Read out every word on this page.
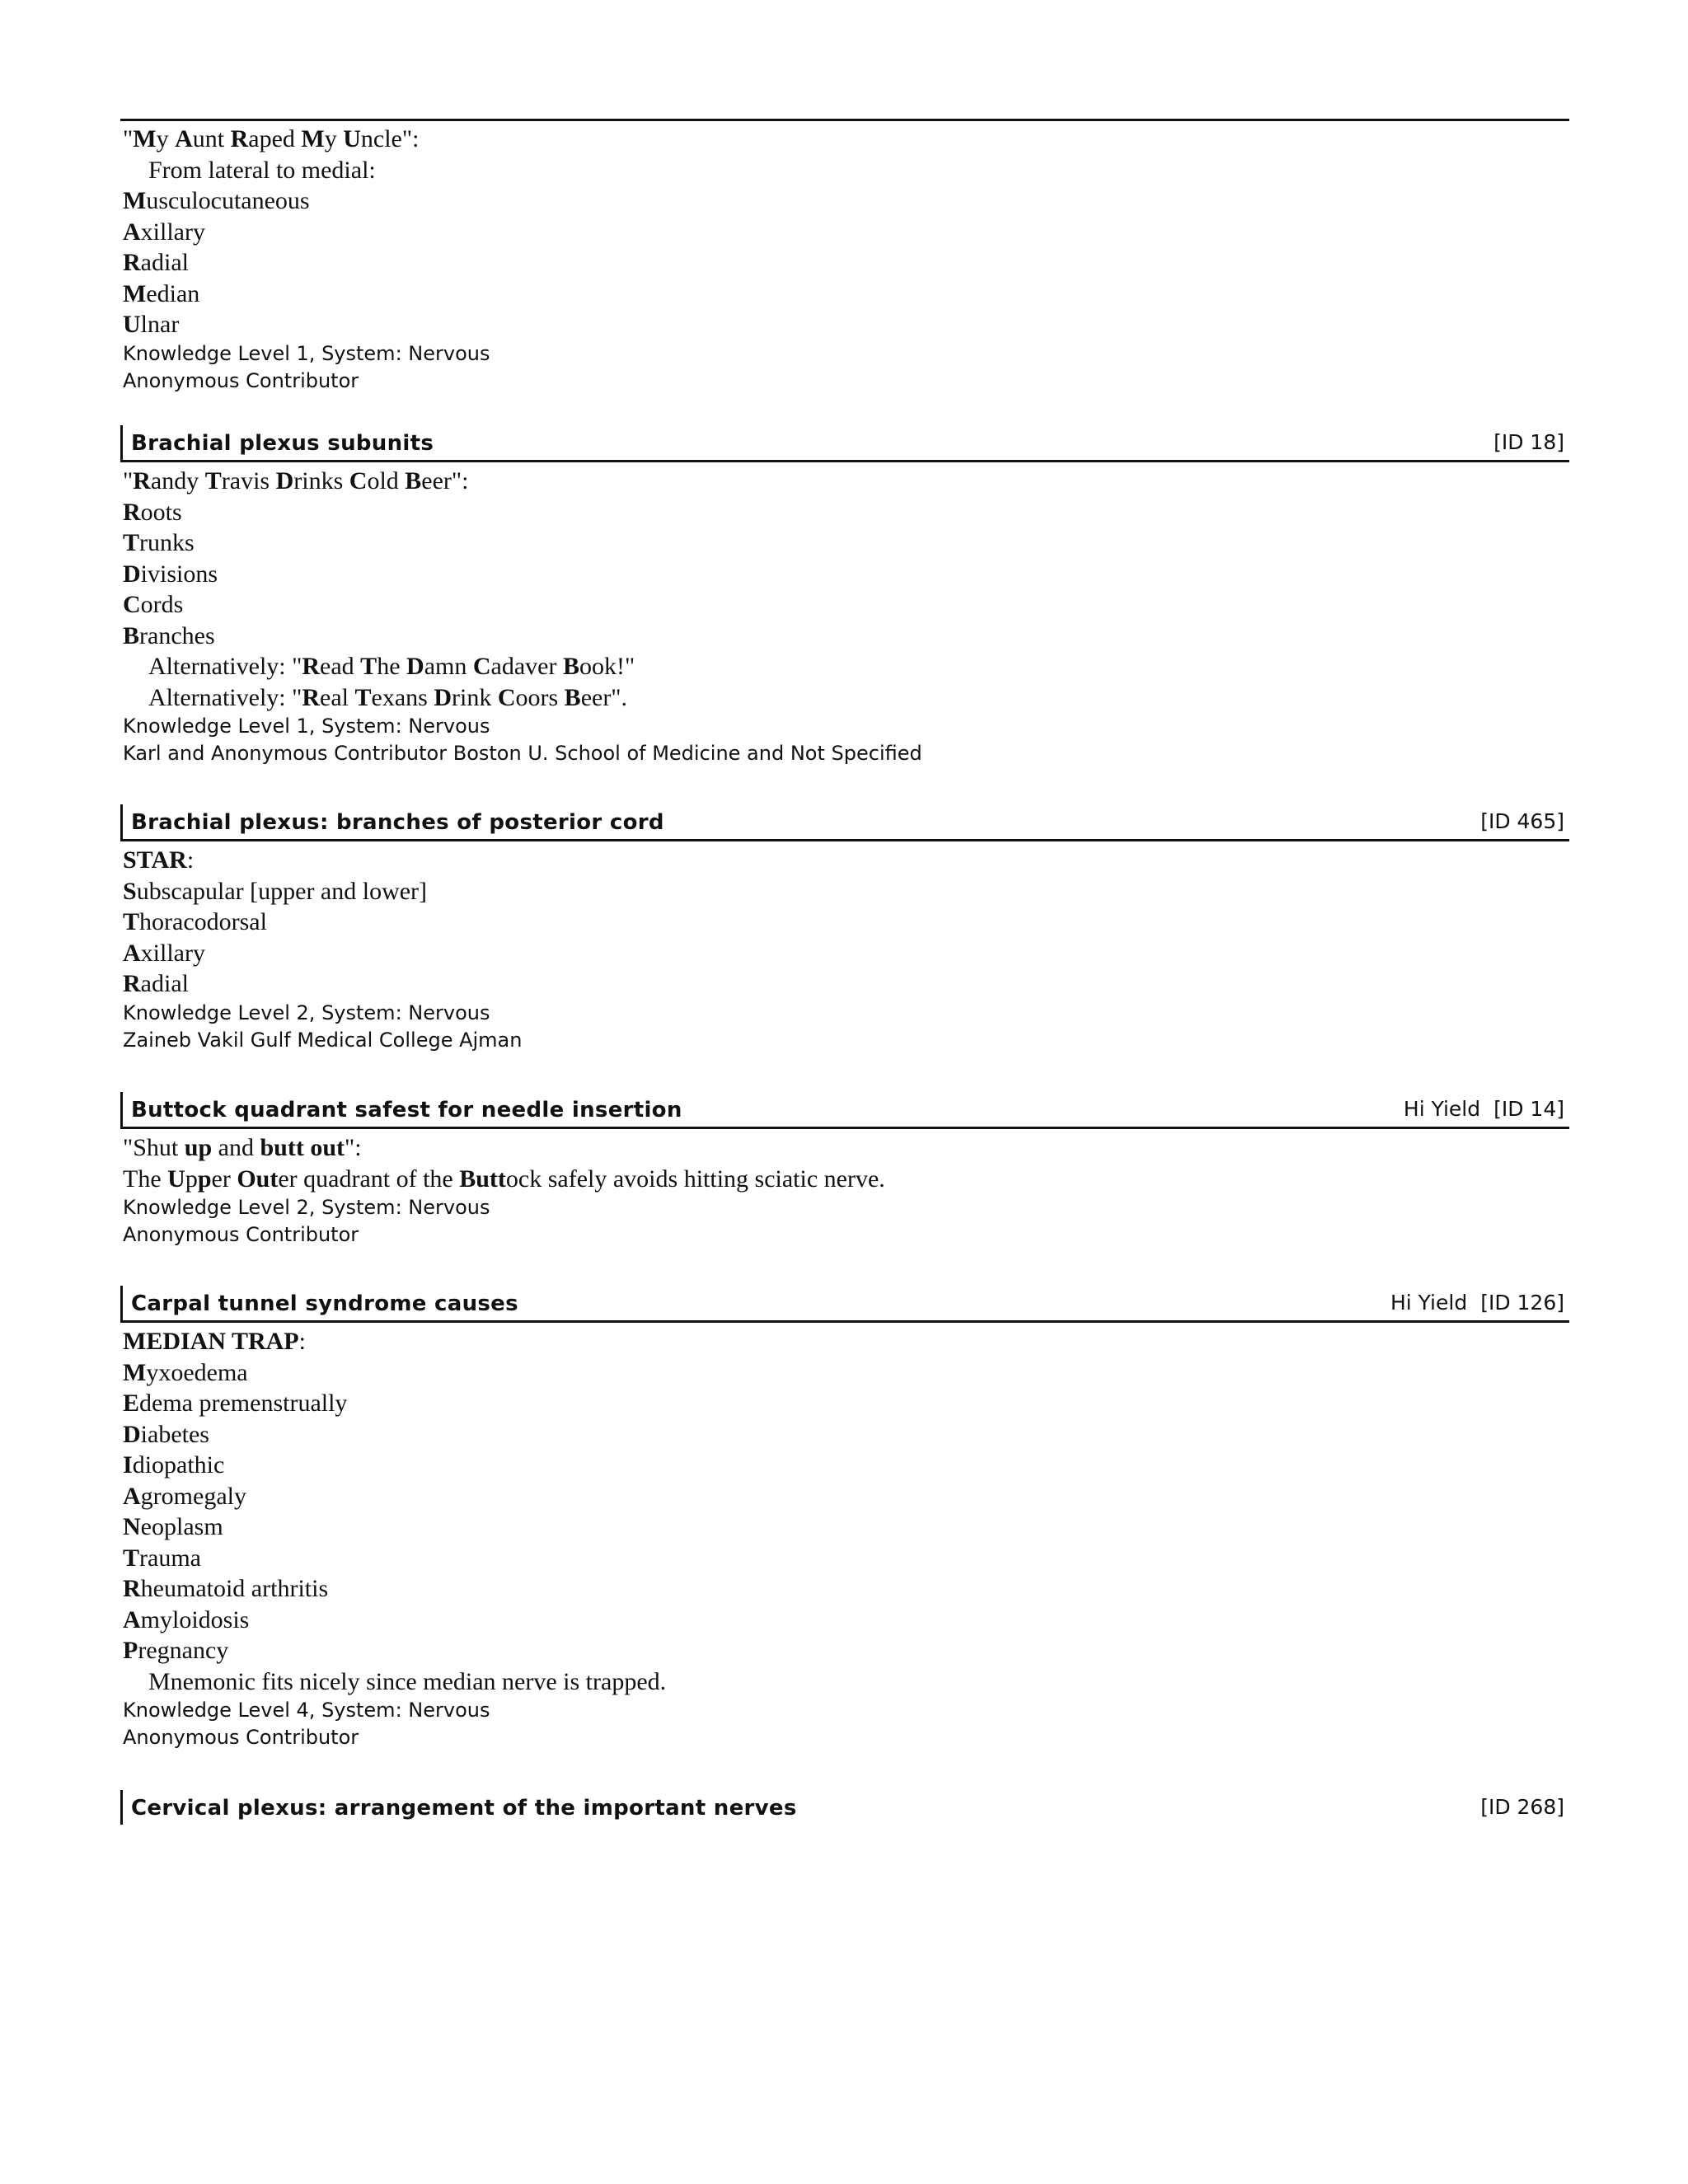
"My Aunt Raped My Uncle":
From lateral to medial:
Musculocutaneous
Axillary
Radial
Median
Ulnar
Knowledge Level 1, System: Nervous
Anonymous Contributor
Brachial plexus subunits	[ID 18]
"Randy Travis Drinks Cold Beer":
Roots
Trunks
Divisions
Cords
Branches
Alternatively: "Read The Damn Cadaver Book!"
Alternatively: "Real Texans Drink Coors Beer".
Knowledge Level 1, System: Nervous
Karl and Anonymous Contributor Boston U. School of Medicine and Not Specified
Brachial plexus: branches of posterior cord	[ID 465]
STAR:
Subscapular [upper and lower]
Thoracodorsal
Axillary
Radial
Knowledge Level 2, System: Nervous
Zaineb Vakil Gulf Medical College Ajman
Buttock quadrant safest for needle insertion	Hi Yield [ID 14]
"Shut up and butt out":
The Upper Outer quadrant of the Buttock safely avoids hitting sciatic nerve.
Knowledge Level 2, System: Nervous
Anonymous Contributor
Carpal tunnel syndrome causes	Hi Yield [ID 126]
MEDIAN TRAP:
Myxoedema
Edema premenstrually
Diabetes
Idiopathic
Agromegaly
Neoplasm
Trauma
Rheumatoid arthritis
Amyloidosis
Pregnancy
Mnemonic fits nicely since median nerve is trapped.
Knowledge Level 4, System: Nervous
Anonymous Contributor
Cervical plexus: arrangement of the important nerves	[ID 268]
